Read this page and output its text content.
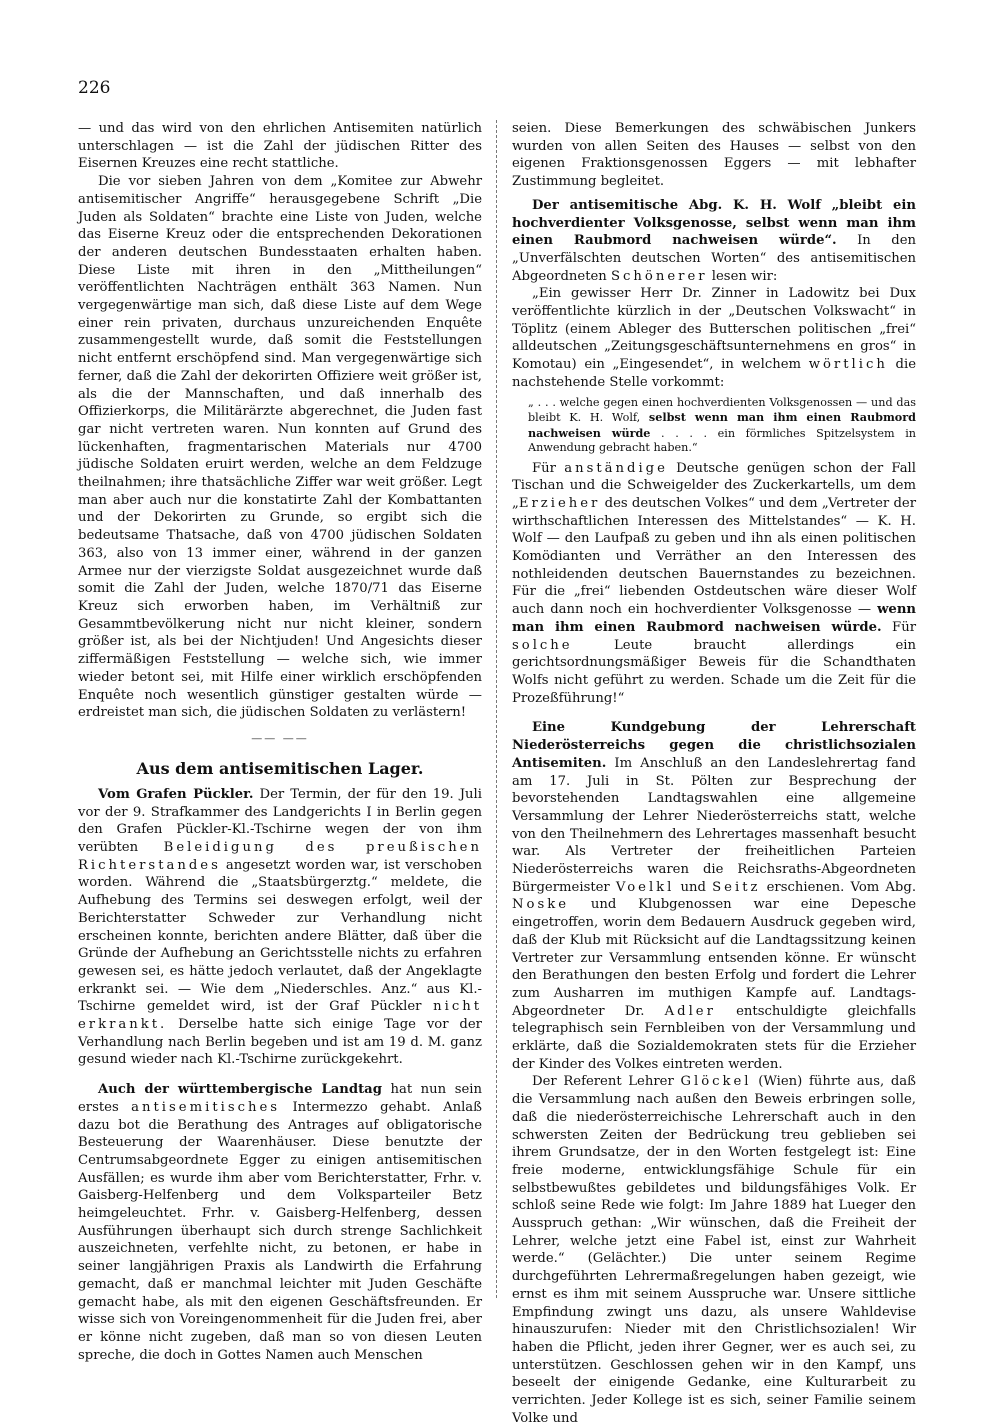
226

— und das wird von den ehrlichen Antisemiten natürlich unterschlagen — ist die Zahl der jüdischen Ritter des Eisernen Kreuzes eine recht stattliche.

Die vor sieben Jahren von dem „Komitee zur Abwehr antisemitischer Angriffe“ herausgegebene Schrift „Die Juden als Soldaten“ brachte eine Liste von Juden, welche das Eiserne Kreuz oder die entsprechenden Dekorationen der anderen deutschen Bundesstaaten erhalten haben. Diese Liste mit ihren in den „Mittheilungen“ veröffentlichten Nachträgen enthält 363 Namen. Nun vergegenwärtige man sich, daß diese Liste auf dem Wege einer rein privaten, durchaus unzureichenden Enquête zusammengestellt wurde, daß somit die Feststellungen nicht entfernt erschöpfend sind. Man vergegenwärtige sich ferner, daß die Zahl der dekorirten Offiziere weit größer ist, als die der Mannschaften, und daß innerhalb des Offizierkorps, die Militärärzte abgerechnet, die Juden fast gar nicht vertreten waren. Nun konnten auf Grund des lückenhaften, fragmentarischen Materials nur 4700 jüdische Soldaten eruirt werden, welche an dem Feldzuge theilnahmen; ihre thatsächliche Ziffer war weit größer. Legt man aber auch nur die konstatirte Zahl der Kombattanten und der Dekorirten zu Grunde, so ergibt sich die bedeutsame Thatsache, daß von 4700 jüdischen Soldaten 363, also von 13 immer einer, während in der ganzen Armee nur der vierzigste Soldat ausgezeichnet wurde daß somit die Zahl der Juden, welche 1870/71 das Eiserne Kreuz sich erworben haben, im Verhältniß zur Gesammtbevölkerung nicht nur nicht kleiner, sondern größer ist, als bei der Nichtjuden! Und Angesichts dieser ziffermäßigen Feststellung — welche sich, wie immer wieder betont sei, mit Hilfe einer wirklich erschöpfenden Enquête noch wesentlich günstiger gestalten würde — erdreistet man sich, die jüdischen Soldaten zu verlästern!

—— ——
Aus dem antisemitischen Lager.

Vom Grafen Pückler. Der Termin, der für den 19. Juli vor der 9. Strafkammer des Landgerichts I in Berlin gegen den Grafen Pückler-Kl.-Tschirne wegen der von ihm verübten Beleidigung des preußischen Richterstandes angesetzt worden war, ist verschoben worden. Während die „Staatsbürgerztg.“ meldete, die Aufhebung des Termins sei deswegen erfolgt, weil der Berichterstatter Schweder zur Verhandlung nicht erscheinen konnte, berichten andere Blätter, daß über die Gründe der Aufhebung an Gerichtsstelle nichts zu erfahren gewesen sei, es hätte jedoch verlautet, daß der Angeklagte erkrankt sei. — Wie dem „Niederschles. Anz.“ aus Kl.-Tschirne gemeldet wird, ist der Graf Pückler nicht erkrankt. Derselbe hatte sich einige Tage vor der Verhandlung nach Berlin begeben und ist am 19 d. M. ganz gesund wieder nach Kl.-Tschirne zurückgekehrt.

Auch der württembergische Landtag hat nun sein erstes antisemitisches Intermezzo gehabt. Anlaß dazu bot die Berathung des Antrages auf obligatorische Besteuerung der Waarenhäuser. Diese benutzte der Centrumsabgeordnete Egger zu einigen antisemitischen Ausfällen; es wurde ihm aber vom Berichterstatter, Frhr. v. Gaisberg-Helfenberg und dem Volksparteiler Betz heimgeleuchtet. Frhr. v. Gaisberg-Helfenberg, dessen Ausführungen überhaupt sich durch strenge Sachlichkeit auszeichneten, verfehlte nicht, zu betonen, er habe in seiner langjährigen Praxis als Landwirth die Erfahrung gemacht, daß er manchmal leichter mit Juden Geschäfte gemacht habe, als mit den eigenen Geschäftsfreunden. Er wisse sich von Voreingenommenheit für die Juden frei, aber er könne nicht zugeben, daß man so von diesen Leuten spreche, die doch in Gottes Namen auch Menschen

seien. Diese Bemerkungen des schwäbischen Junkers wurden von allen Seiten des Hauses — selbst von den eigenen Fraktionsgenossen Eggers — mit lebhafter Zustimmung begleitet.

Der antisemitische Abg. K. H. Wolf „bleibt ein hochverdienter Volksgenosse, selbst wenn man ihm einen Raubmord nachweisen würde“. In den „Unverfälschten deutschen Worten“ des antisemitischen Abgeordneten Schönerer lesen wir:

„Ein gewisser Herr Dr. Zinner in Ladowitz bei Dux veröffentlichte kürzlich in der „Deutschen Volkswacht“ in Töplitz (einem Ableger des Butterschen politischen „frei“ alldeutschen „Zeitungsgeschäftsunternehmens en gros“ in Komotau) ein „Eingesendet“, in welchem wörtlich die nachstehende Stelle vorkommt:

„ . . . welche gegen einen hochverdienten Volksgenossen — und das bleibt K. H. Wolf, selbst wenn man ihm einen Raubmord nachweisen würde . . . . ein förmliches Spitzelsystem in Anwendung gebracht haben.“

Für anständige Deutsche genügen schon der Fall Tischan und die Schweigelder des Zuckerkartells, um dem „Erzieher des deutschen Volkes“ und dem „Vertreter der wirthschaftlichen Interessen des Mittelstandes“ — K. H. Wolf — den Laufpaß zu geben und ihn als einen politischen Komödianten und Verräther an den Interessen des nothleidenden deutschen Bauernstandes zu bezeichnen. Für die „frei“ liebenden Ostdeutschen wäre dieser Wolf auch dann noch ein hochverdienter Volksgenosse — wenn man ihm einen Raubmord nachweisen würde. Für solche	Leute braucht allerdings ein gerichtsordnungsmäßiger Beweis für die Schandthaten Wolfs nicht geführt zu werden. Schade um die Zeit für die Prozeßführung!“

Eine Kundgebung der Lehrerschaft Niederösterreichs gegen die christlichsozialen Antisemiten. Im Anschluß an den Landeslehrertag fand am 17. Juli in St. Pölten zur Besprechung der bevorstehenden Landtagswahlen eine allgemeine Versammlung der Lehrer Niederösterreichs statt, welche von den Theilnehmern des Lehrertages massenhaft besucht war. Als Vertreter der freiheitlichen Parteien Niederösterreichs waren die Reichsraths-Abgeordneten Bürgermeister Voelkl und Seitz erschienen. Vom Abg. Noske und Klubgenossen war eine Depesche eingetroffen, worin dem Bedauern Ausdruck gegeben wird, daß der Klub mit Rücksicht auf die Landtagssitzung keinen Vertreter zur Versammlung entsenden könne. Er wünscht den Berathungen den besten Erfolg und fordert die Lehrer zum Ausharren im muthigen Kampfe auf. Landtags-Abgeordneter Dr. Adler entschuldigte gleichfalls telegraphisch sein Fernbleiben von der Versammlung und erklärte, daß die Sozialdemokraten stets für die Erzieher der Kinder des Volkes eintreten werden.

Der Referent Lehrer Glöckel (Wien) führte aus, daß die Versammlung nach außen den Beweis erbringen solle, daß die niederösterreichische Lehrerschaft auch in den schwersten Zeiten der Bedrückung treu geblieben sei ihrem Grundsatze, der in den Worten festgelegt ist: Eine freie moderne, entwicklungsfähige Schule für ein selbstbewußtes gebildetes und bildungsfähiges Volk. Er schloß seine Rede wie folgt: Im Jahre 1889 hat Lueger den Ausspruch gethan: „Wir wünschen, daß die Freiheit der Lehrer, welche jetzt eine Fabel ist, einst zur Wahrheit werde.“ (Gelächter.) Die unter seinem Regime durchgeführten Lehrermaßregelungen haben gezeigt, wie ernst es ihm mit seinem Ausspruche war. Unsere sittliche Empfindung zwingt uns dazu, als unsere Wahldevise hinauszurufen: Nieder mit den Christlichsozialen! Wir haben die Pflicht, jeden ihrer Gegner, wer es auch sei, zu unterstützen. Geschlossen gehen wir in den Kampf, uns beseelt der einigende Gedanke, eine Kulturarbeit zu verrichten. Jeder Kollege ist es sich, seiner Familie seinem Volke und
